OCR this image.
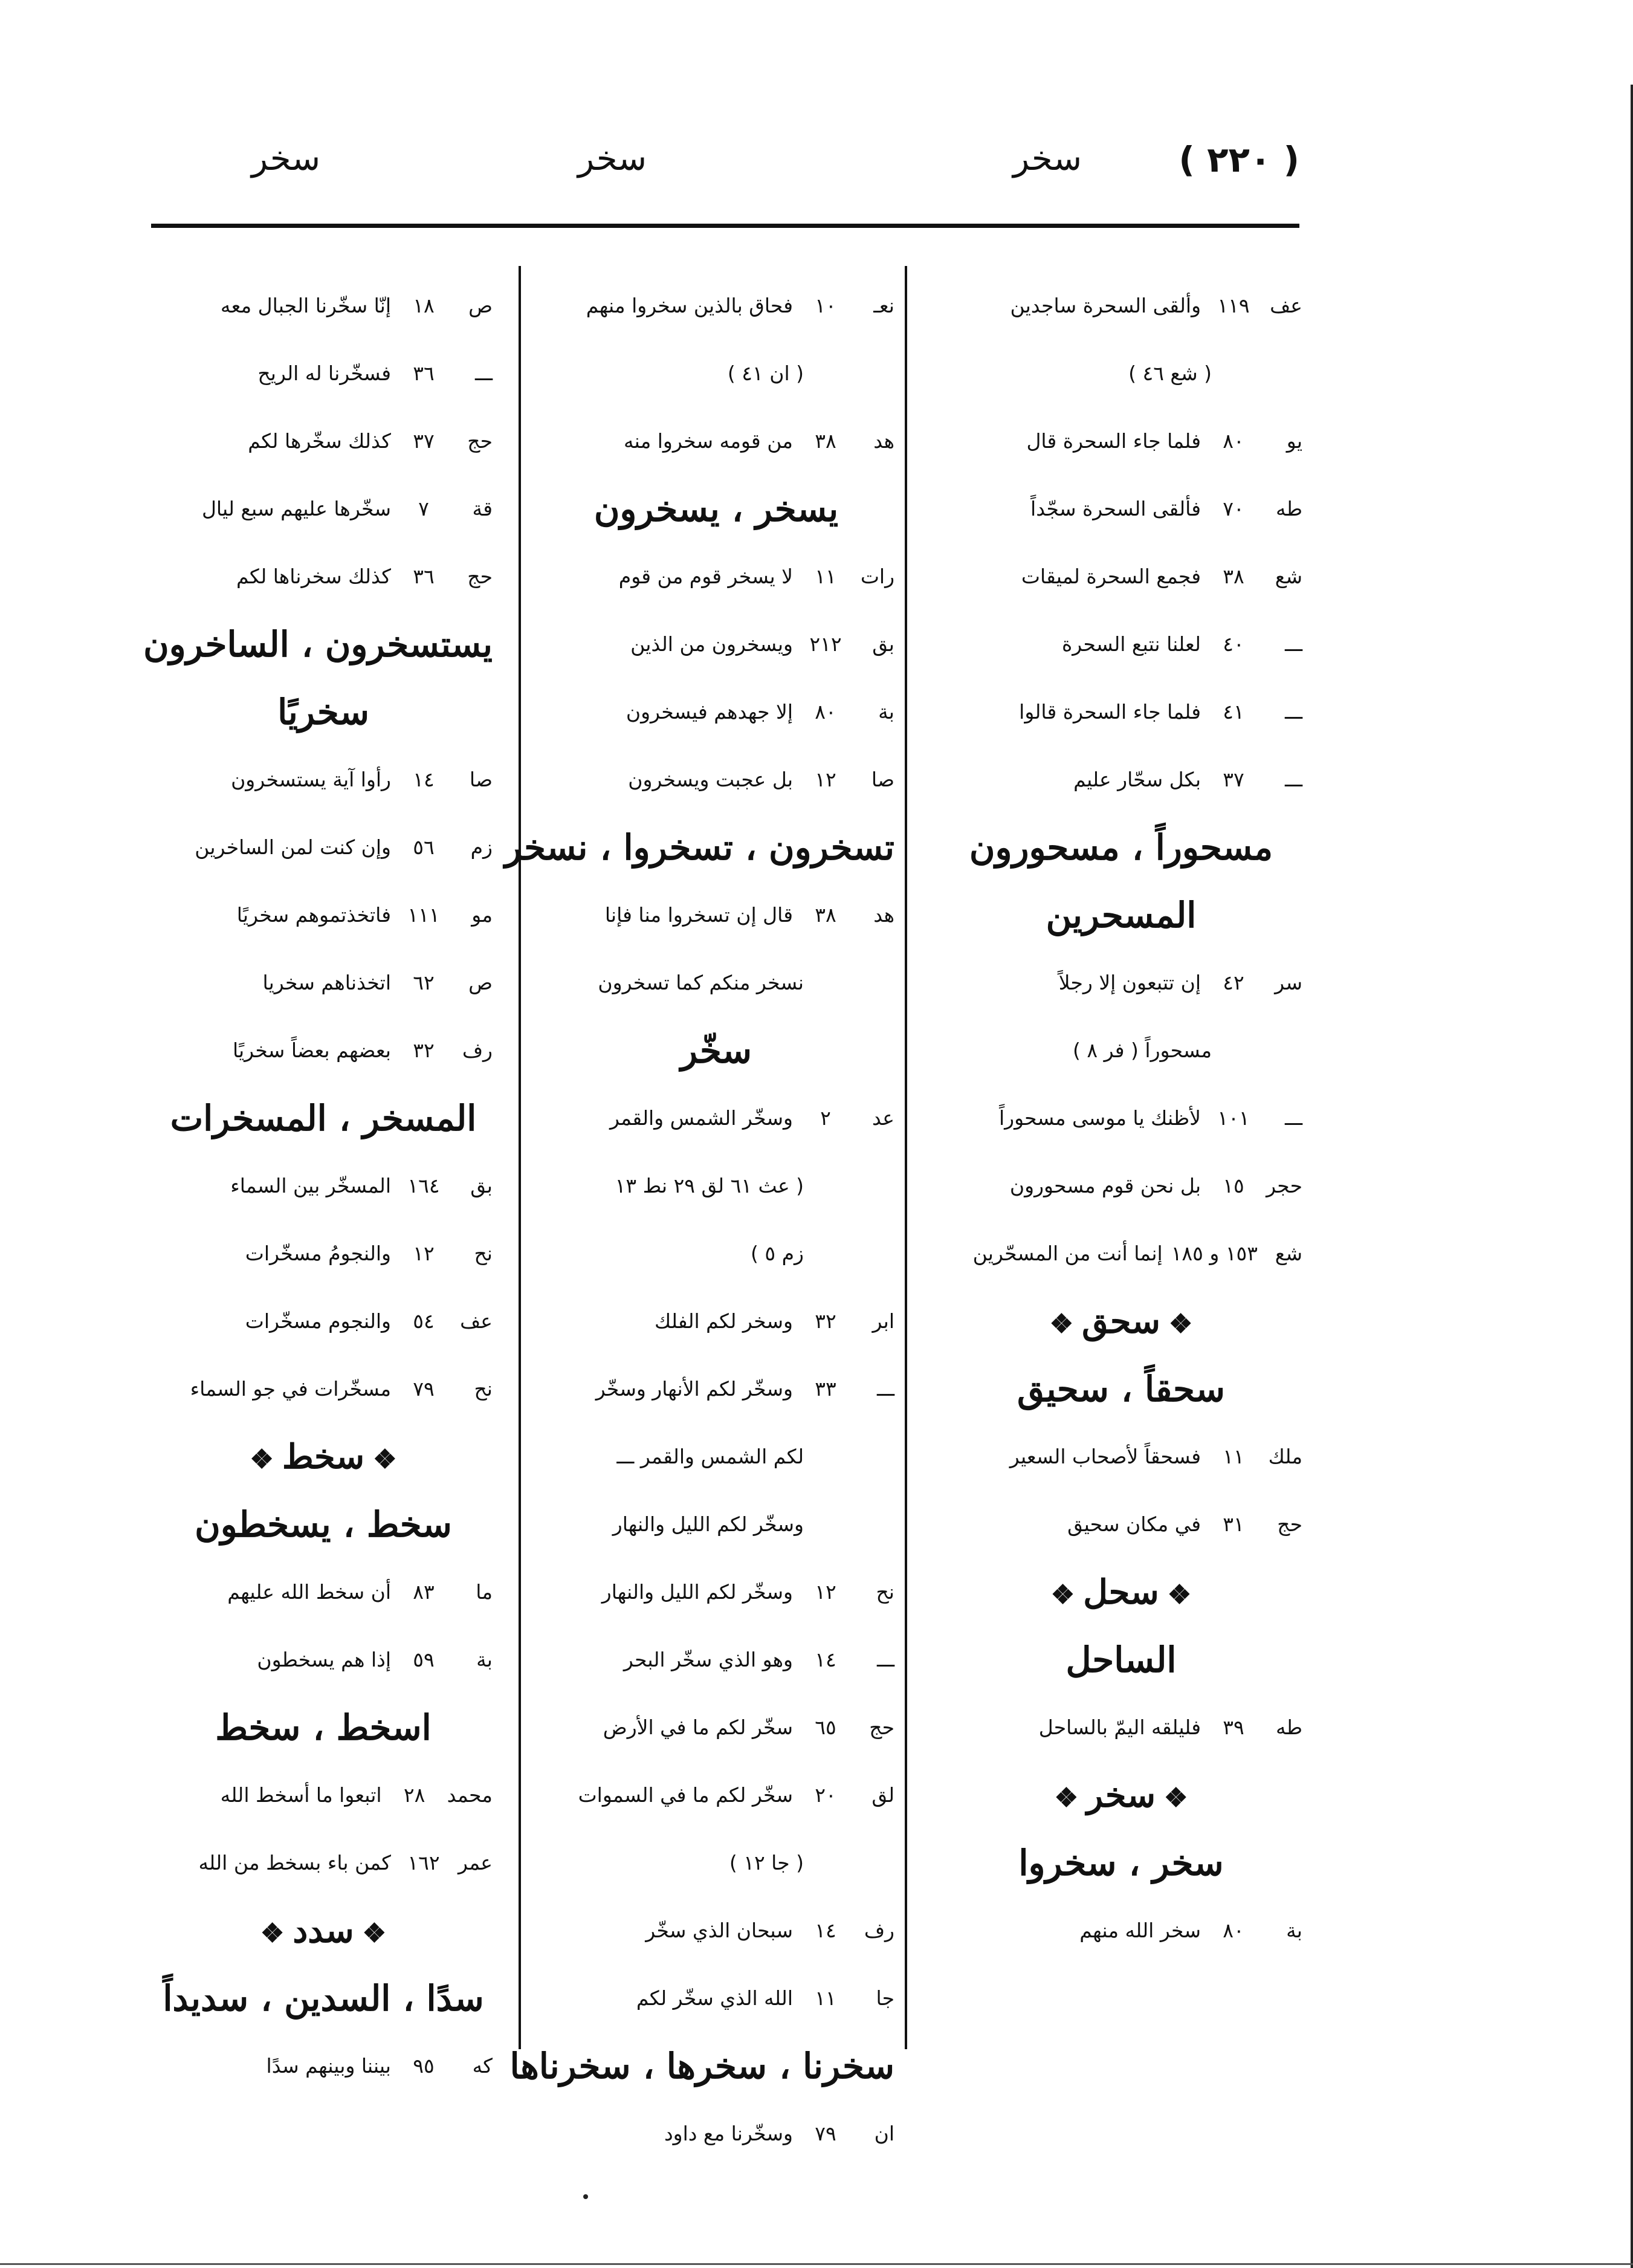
( ٢٢٠ )
سخر
سخر
سخر
عف١١٩وألقى السحرة ساجدين
( شع ٤٦ )
يو٨٠فلما جاء السحرة قال
طه٧٠فألقى السحرة سجّداً
شع٣٨فجمع السحرة لميقات
ـــ٤٠لعلنا نتبع السحرة
ـــ٤١فلما جاء السحرة قالوا
ـــ٣٧بكل سحّار عليم
مسحوراً ، مسحورون
المسحرين
سر٤٢إن تتبعون إلا رجلاً
مسحوراً ( فر ٨ )
ـــ١٠١لأظنك يا موسى مسحوراً
حجر١٥بل نحن قوم مسحورون
شع١٥٣ و ١٨٥إنما أنت من المسحّرين
❖سحق❖
سحقاً ، سحيق
ملك١١فسحقاً لأصحاب السعير
حج٣١في مكان سحيق
❖سحل❖
الساحل
طه٣٩فليلقه اليمّ بالساحل
❖سخر❖
سخر ، سخروا
بة٨٠سخر الله منهم
نعـ١٠فحاق بالذين سخروا منهم
( ان ٤١ )
هد٣٨من قومه سخروا منه
يسخر ، يسخرون
رات١١لا يسخر قوم من قوم
بق٢١٢ويسخرون من الذين
بة٨٠إلا جهدهم فيسخرون
صا١٢بل عجبت ويسخرون
تسخرون ، تسخروا ، نسخر
هد٣٨قال إن تسخروا منا فإنا
نسخر منكم كما تسخرون
سخّر
عد٢وسخّر الشمس والقمر
( عث ٦١ لق ٢٩ نط ١٣
زم ٥ )
ابر٣٢وسخر لكم الفلك
ـــ٣٣وسخّر لكم الأنهار وسخّر
لكم الشمس والقمر ـــ
وسخّر لكم الليل والنهار
نح١٢وسخّر لكم الليل والنهار
ـــ١٤وهو الذي سخّر البحر
حج٦٥سخّر لكم ما في الأرض
لق٢٠سخّر لكم ما في السموات
( جا ١٢ )
رف١٤سبحان الذي سخّر
جا١١الله الذي سخّر لكم
سخرنا ، سخرها ، سخرناها
ان٧٩وسخّرنا مع داود
ص١٨إنّا سخّرنا الجبال معه
ـــ٣٦فسخّرنا له الريح
حج٣٧كذلك سخّرها لكم
قة٧سخّرها عليهم سبع ليال
حج٣٦كذلك سخرناها لكم
يستسخرون ، الساخرون
سخريًا
صا١٤رأوا آية يستسخرون
زم٥٦وإن كنت لمن الساخرين
مو١١١فاتخذتموهم سخريًا
ص٦٢اتخذناهم سخريا
رف٣٢بعضهم بعضاً سخريًا
المسخر ، المسخرات
بق١٦٤المسخّر بين السماء
نح١٢والنجومُ مسخّرات
عف٥٤والنجوم مسخّرات
نح٧٩مسخّرات في جو السماء
❖سخط❖
سخط ، يسخطون
ما٨٣أن سخط الله عليهم
بة٥٩إذا هم يسخطون
اسخط ، سخط
محمد٢٨اتبعوا ما أسخط الله
عمر١٦٢كمن باء بسخط من الله
❖سدد❖
سدًا ، السدين ، سديداً
كه٩٥بيننا وبينهم سدًا
